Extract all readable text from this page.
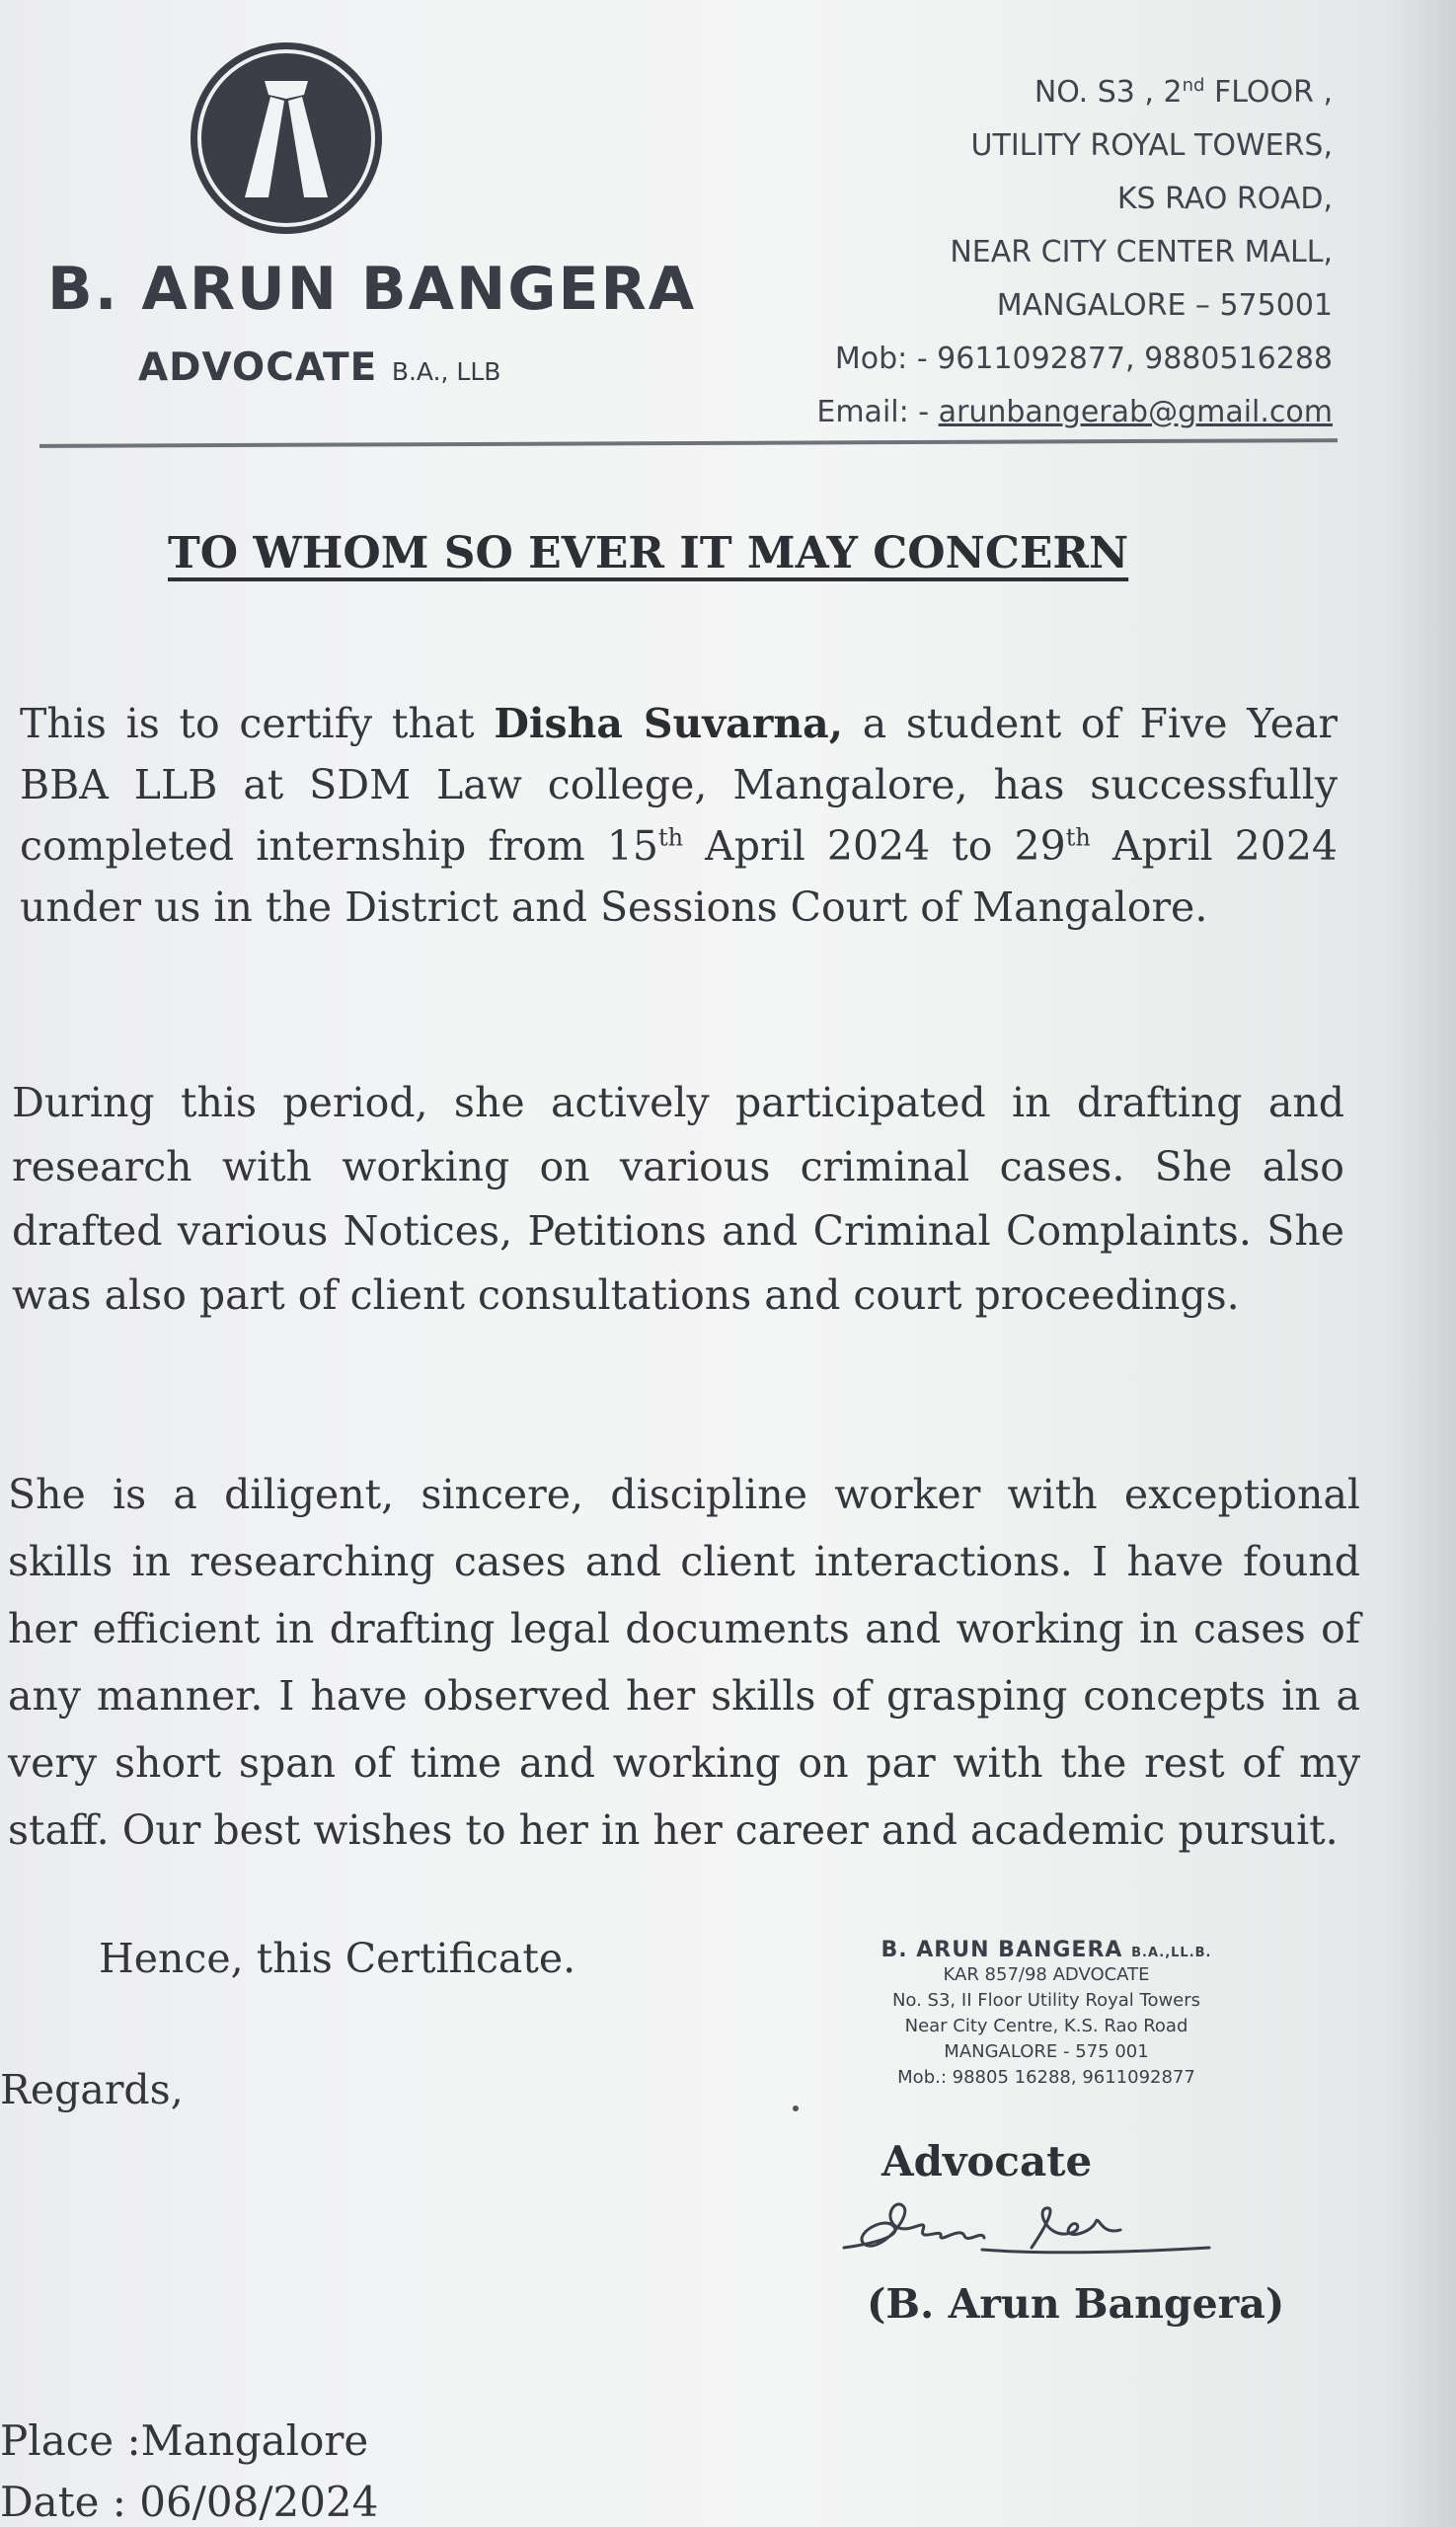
B. ARUN BANGERA

ADVOCATE B.A., LLB

NO. S3 , 2nd FLOOR ,
UTILITY ROYAL TOWERS,
KS RAO ROAD,
NEAR CITY CENTER MALL,
MANGALORE – 575001
Mob: - 9611092877, 9880516288
Email: - arunbangerab@gmail.com
TO WHOM SO EVER IT MAY CONCERN

This is to certify that Disha Suvarna, a student of Five Year BBA LLB at SDM Law college, Mangalore, has successfully completed internship from 15th April 2024 to 29th April 2024 under us in the District and Sessions Court of Mangalore.

During this period, she actively participated in drafting and research with working on various criminal cases. She also drafted various Notices, Petitions and Criminal Complaints. She was also part of client consultations and court proceedings.

She is a diligent, sincere, discipline worker with exceptional skills in researching cases and client interactions. I have found her efficient in drafting legal documents and working in cases of any manner. I have observed her skills of grasping concepts in a very short span of time and working on par with the rest of my staff. Our best wishes to her in her career and academic pursuit.

Hence, this Certificate.

Regards,

B. ARUN BANGERA B.A.,LL.B.
KAR 857/98 ADVOCATE
No. S3, II Floor Utility Royal Towers
Near City Centre, K.S. Rao Road
MANGALORE - 575 001
Mob.: 98805 16288, 9611092877

Advocate

(B. Arun Bangera)

Place :Mangalore

Date : 06/08/2024
